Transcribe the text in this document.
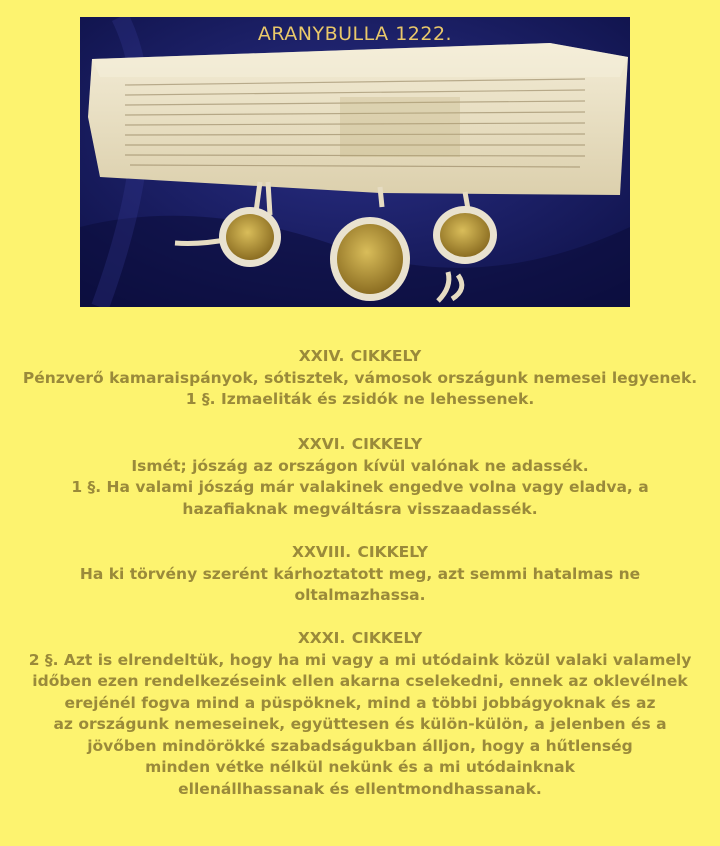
ARANYBULLA 1222.
XXIV. CIKKELY
Pénzverő kamaraispányok, sótisztek, vámosok országunk nemesei legyenek.
1 §. Izmaeliták és zsidók ne lehessenek.
XXVI. CIKKELY
Ismét; jószág az országon kívül valónak ne adassék.
1 §. Ha valami jószág már valakinek engedve volna vagy eladva, a
hazafiaknak megváltásra visszaadassék.
XXVIII. CIKKELY
Ha ki törvény szerént kárhoztatott meg, azt semmi hatalmas ne
oltalmazhassa.
XXXI. CIKKELY
2 §. Azt is elrendeltük, hogy ha mi vagy a mi utódaink közül valaki valamely
időben ezen rendelkezéseink ellen akarna cselekedni, ennek az oklevélnek
erejénél fogva mind a püspöknek, mind a többi jobbágyoknak és az
az országunk nemeseinek, együttesen és külön-külön, a jelenben és a
jövőben mindörökké szabadságukban álljon, hogy a hűtlenség
minden vétke nélkül nekünk és a mi utódainknak
ellenállhassanak és ellentmondhassanak.
